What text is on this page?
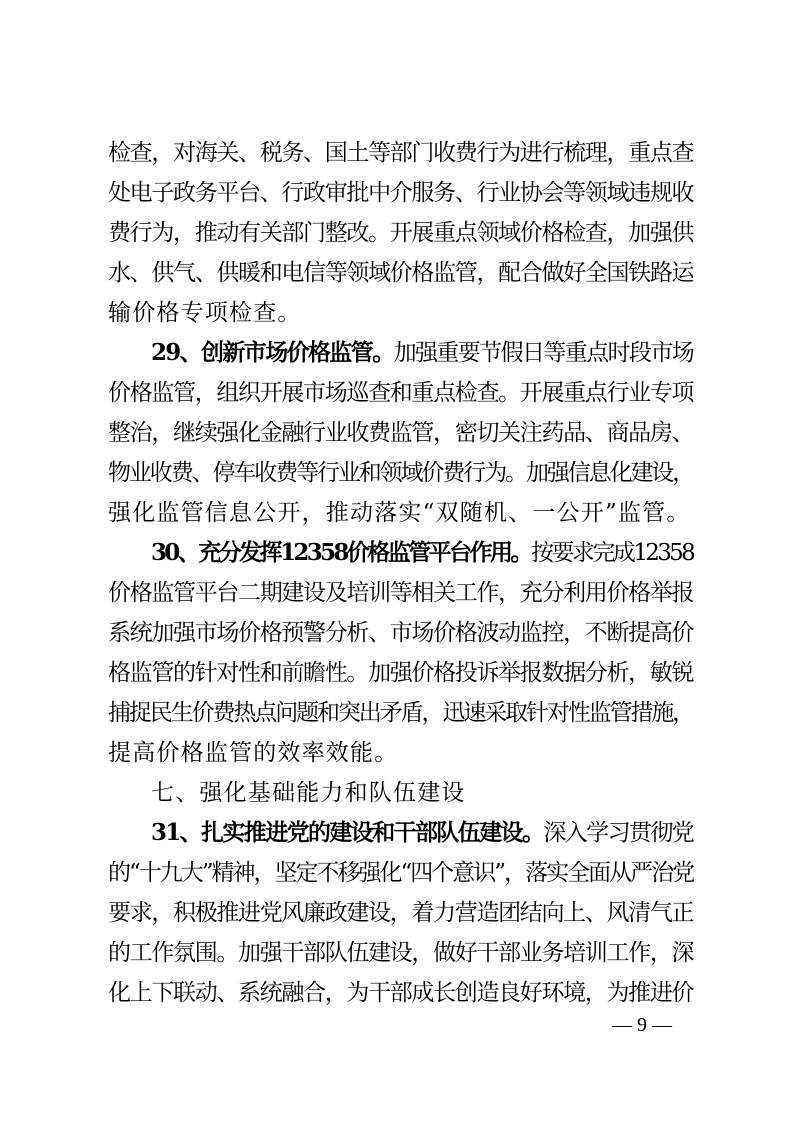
检查，对海关、税务、国土等部门收费行为进行梳理，重点查
处电子政务平台、行政审批中介服务、行业协会等领域违规收
费行为，推动有关部门整改。开展重点领域价格检查，加强供
水、供气、供暖和电信等领域价格监管，配合做好全国铁路运
输价格专项检查。
29、创新市场价格监管。加强重要节假日等重点时段市场
价格监管，组织开展市场巡查和重点检查。开展重点行业专项
整治，继续强化金融行业收费监管，密切关注药品、商品房、
物业收费、停车收费等行业和领域价费行为。加强信息化建设，
强化监管信息公开，推动落实“双随机、一公开”监管。
30、充分发挥12358价格监管平台作用。按要求完成12358
价格监管平台二期建设及培训等相关工作，充分利用价格举报
系统加强市场价格预警分析、市场价格波动监控，不断提高价
格监管的针对性和前瞻性。加强价格投诉举报数据分析，敏锐
捕捉民生价费热点问题和突出矛盾，迅速采取针对性监管措施，
提高价格监管的效率效能。
七、强化基础能力和队伍建设
31、扎实推进党的建设和干部队伍建设。深入学习贯彻党
的“十九大”精神，坚定不移强化“四个意识”，落实全面从严治党
要求，积极推进党风廉政建设，着力营造团结向上、风清气正
的工作氛围。加强干部队伍建设，做好干部业务培训工作，深
化上下联动、系统融合，为干部成长创造良好环境，为推进价
— 9 —
